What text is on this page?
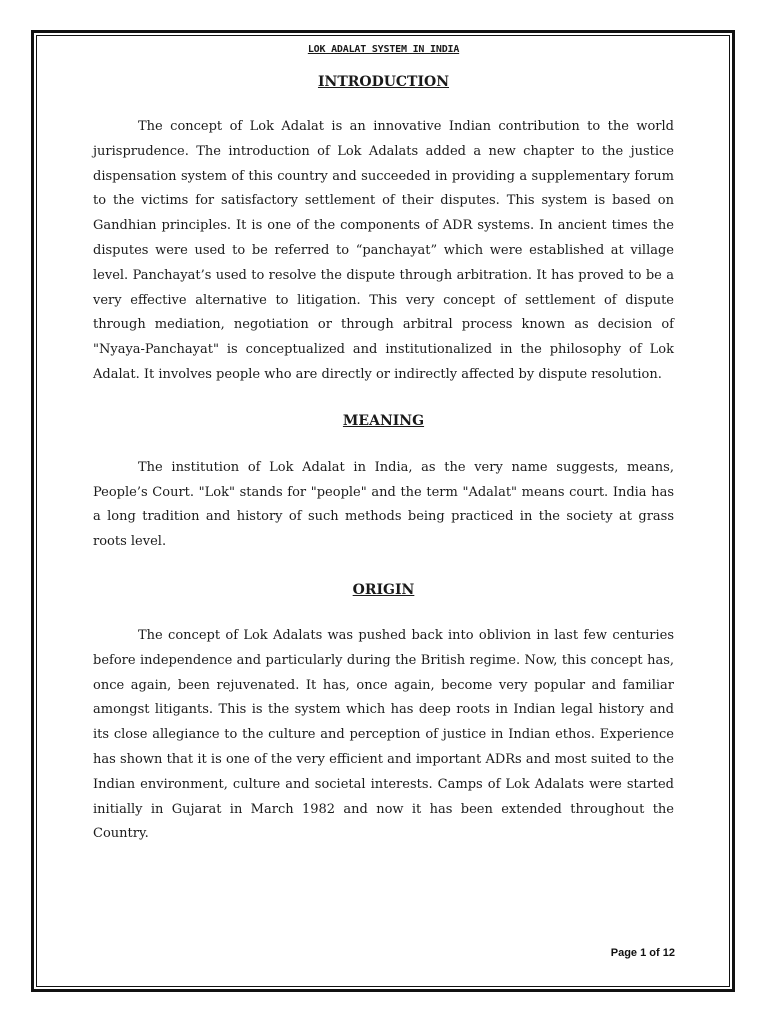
LOK ADALAT SYSTEM IN INDIA
INTRODUCTION

The concept of Lok Adalat is an innovative Indian contribution to the world jurisprudence. The introduction of Lok Adalats added a new chapter to the justice dispensation system of this country and succeeded in providing a supplementary forum to the victims for satisfactory settlement of their disputes. This system is based on Gandhian principles. It is one of the components of ADR systems. In ancient times the disputes were used to be referred to “panchayat” which were established at village level. Panchayat’s used to resolve the dispute through arbitration. It has proved to be a very effective alternative to litigation. This very concept of settlement of dispute through mediation, negotiation or through arbitral process known as decision of "Nyaya-Panchayat" is conceptualized and institutionalized in the philosophy of Lok Adalat. It involves people who are directly or indirectly affected by dispute resolution.

MEANING

The institution of Lok Adalat in India, as the very name suggests, means, People’s Court. "Lok" stands for "people" and the term "Adalat" means court. India has a long tradition and history of such methods being practiced in the society at grass roots level.

ORIGIN

The concept of Lok Adalats was pushed back into oblivion in last few centuries before independence and particularly during the British regime. Now, this concept has, once again, been rejuvenated. It has, once again, become very popular and familiar amongst litigants. This is the system which has deep roots in Indian legal history and its close allegiance to the culture and perception of justice in Indian ethos. Experience has shown that it is one of the very efficient and important ADRs and most suited to the Indian environment, culture and societal interests. Camps of Lok Adalats were started initially in Gujarat in March 1982 and now it has been extended throughout the Country.

Page 1 of 12
